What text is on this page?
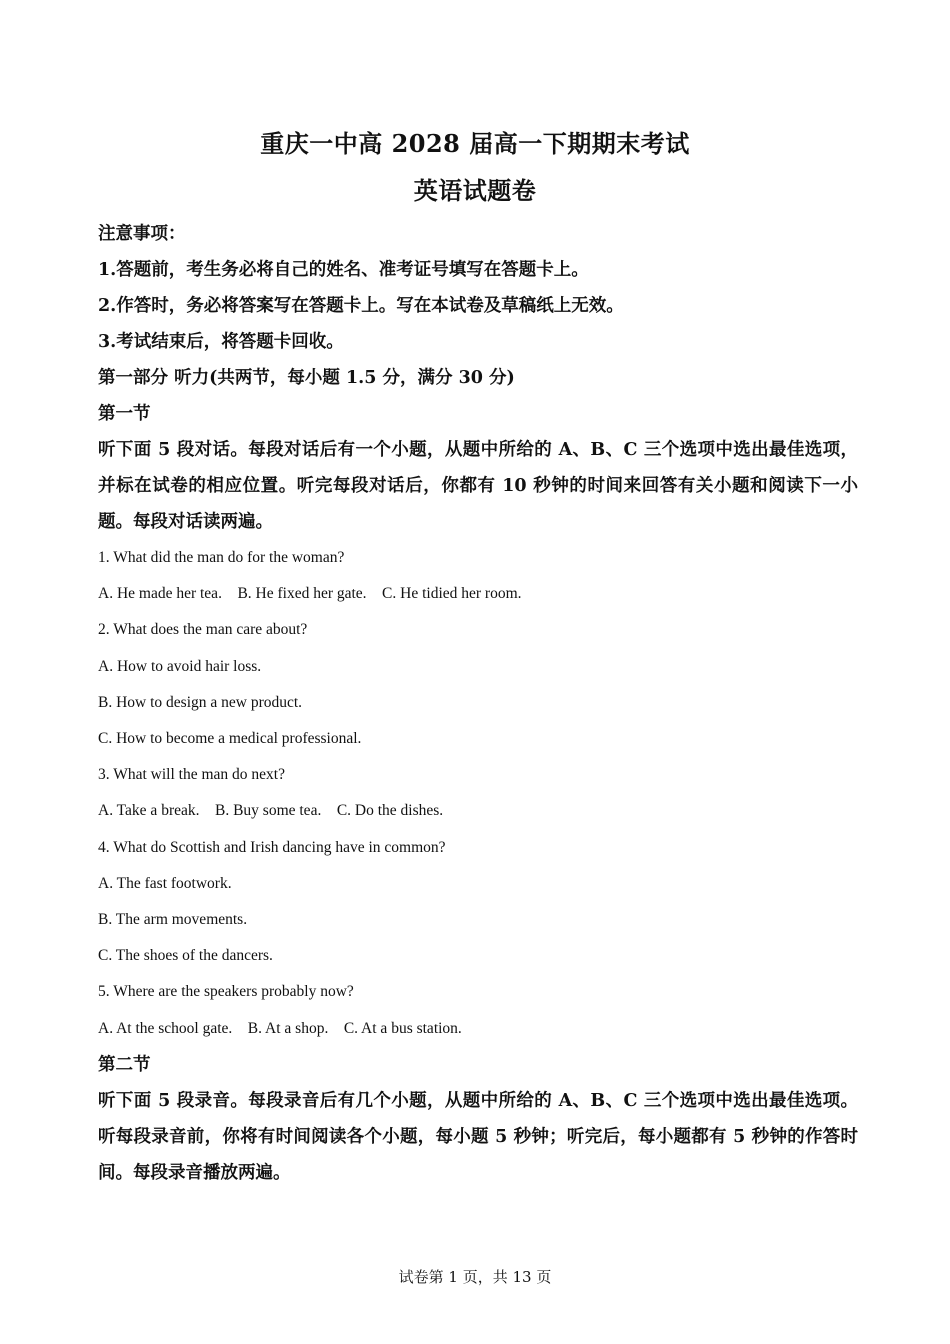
重庆一中高 2028 届高一下期期末考试
英语试题卷
注意事项：
1.答题前，考生务必将自己的姓名、准考证号填写在答题卡上。
2.作答时，务必将答案写在答题卡上。写在本试卷及草稿纸上无效。
3.考试结束后，将答题卡回收。
第一部分 听力(共两节，每小题 1.5 分，满分 30 分)
第一节
听下面 5 段对话。每段对话后有一个小题，从题中所给的 A、B、C 三个选项中选出最佳选项，并标在试卷的相应位置。听完每段对话后，你都有 10 秒钟的时间来回答有关小题和阅读下一小题。每段对话读两遍。
1. What did the man do for the woman?
A. He made her tea.    B. He fixed her gate.    C. He tidied her room.
2. What does the man care about?
A. How to avoid hair loss.
B. How to design a new product.
C. How to become a medical professional.
3. What will the man do next?
A. Take a break.    B. Buy some tea.    C. Do the dishes.
4. What do Scottish and Irish dancing have in common?
A. The fast footwork.
B. The arm movements.
C. The shoes of the dancers.
5. Where are the speakers probably now?
A. At the school gate.    B. At a shop.    C. At a bus station.
第二节
听下面 5 段录音。每段录音后有几个小题，从题中所给的 A、B、C 三个选项中选出最佳选项。听每段录音前，你将有时间阅读各个小题，每小题 5 秒钟；听完后，每小题都有 5 秒钟的作答时间。每段录音播放两遍。
试卷第 1 页，共 13 页
